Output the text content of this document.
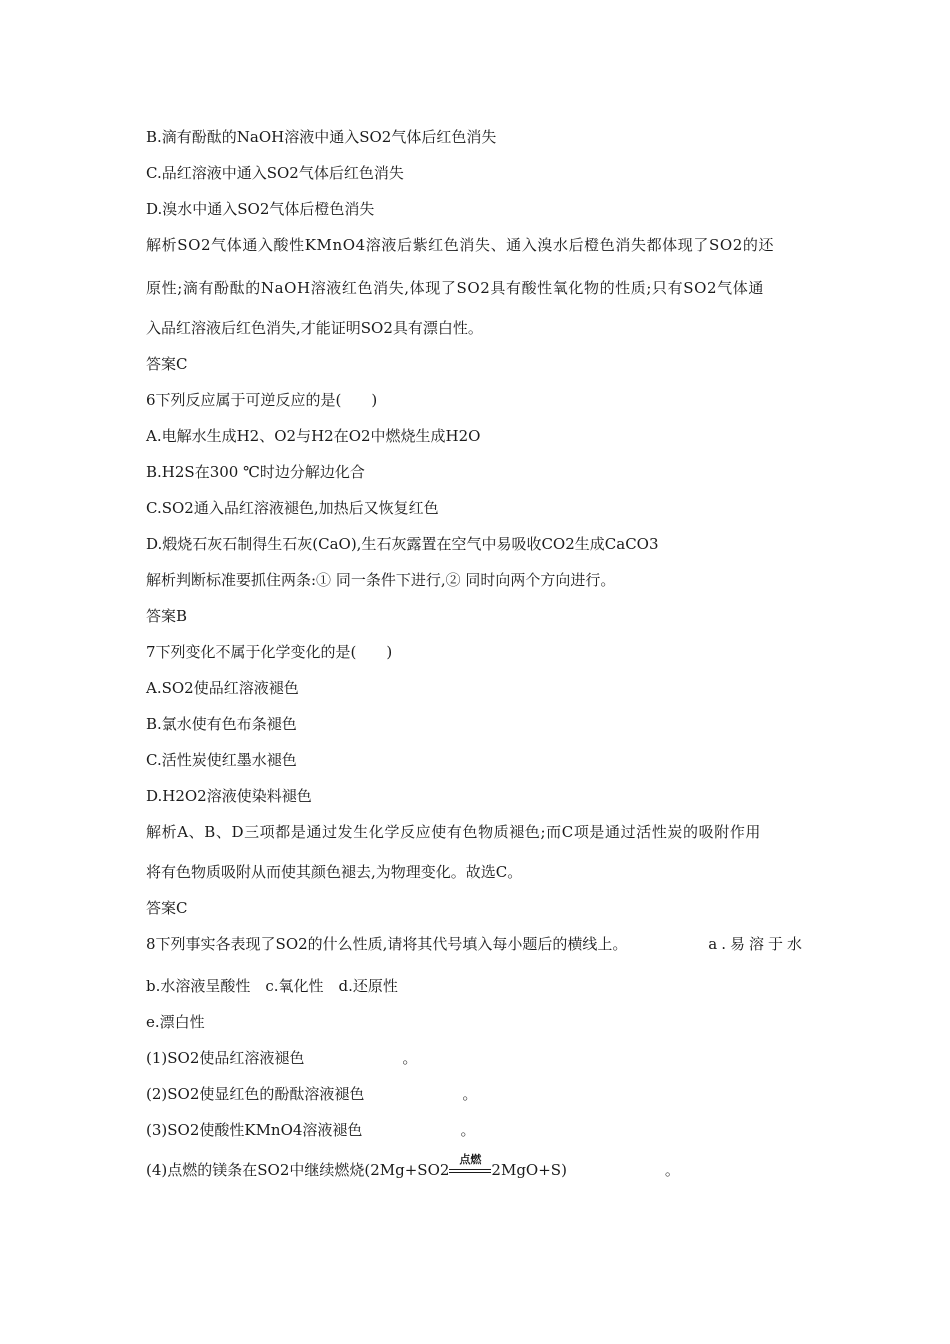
B.滴有酚酞的NaOH溶液中通入SO2气体后红色消失
C.品红溶液中通入SO2气体后红色消失
D.溴水中通入SO2气体后橙色消失
解析SO2气体通入酸性KMnO4溶液后紫红色消失、通入溴水后橙色消失都体现了SO2的还
原性;滴有酚酞的NaOH溶液红色消失,体现了SO2具有酸性氧化物的性质;只有SO2气体通
入品红溶液后红色消失,才能证明SO2具有漂白性。
答案C
6下列反应属于可逆反应的是(　　)
A.电解水生成H2、O2与H2在O2中燃烧生成H2O
B.H2S在300 ℃时边分解边化合
C.SO2通入品红溶液褪色,加热后又恢复红色
D.煅烧石灰石制得生石灰(CaO),生石灰露置在空气中易吸收CO2生成CaCO3
解析判断标准要抓住两条:① 同一条件下进行,② 同时向两个方向进行。
答案B
7下列变化不属于化学变化的是(　　)
A.SO2使品红溶液褪色
B.氯水使有色布条褪色
C.活性炭使红墨水褪色
D.H2O2溶液使染料褪色
解析A、B、D三项都是通过发生化学反应使有色物质褪色;而C项是通过活性炭的吸附作用
将有色物质吸附从而使其颜色褪去,为物理变化。故选C。
答案C
8下列事实各表现了SO2的什么性质,请将其代号填入每小题后的横线上。	a.易溶于水
b.水溶液呈酸性　c.氧化性　d.还原性
e.漂白性
(1)SO2使品红溶液褪色	。
(2)SO2使显红色的酚酞溶液褪色	。
(3)SO2使酸性KMnO4溶液褪色	。
(4)点燃的镁条在SO2中继续燃烧(2Mg+SO2
点燃
2MgO+S)	。
